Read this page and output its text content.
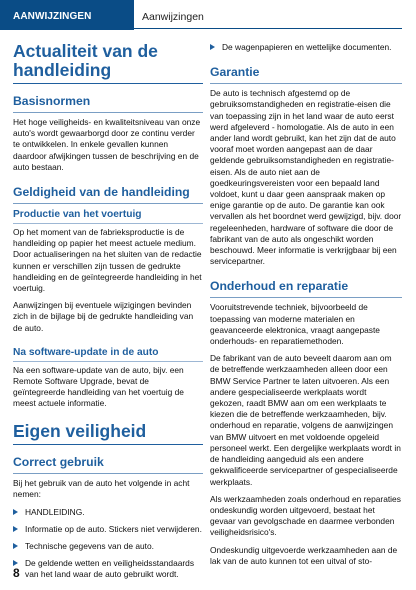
AANWIJZINGEN	Aanwijzingen
Actualiteit van de handleiding
Basisnormen

Het hoge veiligheids- en kwaliteitsniveau van onze auto's wordt gewaarborgd door ze continu verder te ontwikkelen. In enkele gevallen kunnen daardoor afwijkingen tussen de beschrijving en de auto bestaan.

Geldigheid van de handleiding
Productie van het voertuig

Op het moment van de fabrieksproductie is de handleiding op papier het meest actuele medium. Door actualiseringen na het sluiten van de redactie kunnen er verschillen zijn tussen de gedrukte handleiding en de geïntegreerde handleiding in het voertuig.

Aanwijzingen bij eventuele wijzigingen bevinden zich in de bijlage bij de gedrukte handleiding van de auto.

Na software-update in de auto

Na een software-update van de auto, bijv. een Remote Software Upgrade, bevat de geïntegreerde handleiding van het voertuig de meest actuele informatie.

Eigen veiligheid
Correct gebruik

Bij het gebruik van de auto het volgende in acht nemen:

HANDLEIDING.
Informatie op de auto. Stickers niet verwijderen.
Technische gegevens van de auto.
De geldende wetten en veiligheidsstandaards van het land waar de auto gebruikt wordt.
De wagenpapieren en wettelijke documenten.
Garantie

De auto is technisch afgestemd op de gebruiksomstandigheden en registratie-eisen die van toepassing zijn in het land waar de auto eerst werd afgeleverd - homologatie. Als de auto in een ander land wordt gebruikt, kan het zijn dat de auto vooraf moet worden aangepast aan de daar geldende gebruiksomstandigheden en registratie-eisen. Als de auto niet aan de goedkeuringsvereisten voor een bepaald land voldoet, kunt u daar geen aanspraak maken op enige garantie op de auto. De garantie kan ook vervallen als het boordnet werd gewijzigd, bijv. door regeleenheden, hardware of software die door de fabrikant van de auto als ongeschikt worden beschouwd. Meer informatie is verkrijgbaar bij een servicepartner.

Onderhoud en reparatie

Vooruitstrevende techniek, bijvoorbeeld de toepassing van moderne materialen en geavanceerde elektronica, vraagt aangepaste onderhouds- en reparatiemethoden.

De fabrikant van de auto beveelt daarom aan om de betreffende werkzaamheden alleen door een BMW Service Partner te laten uitvoeren. Als een andere gespecialiseerde werkplaats wordt gekozen, raadt BMW aan om een werkplaats te kiezen die de betreffende werkzaamheden, bijv. onderhoud en reparatie, volgens de aanwijzingen van BMW uitvoert en met voldoende opgeleid personeel werkt. Een dergelijke werkplaats wordt in de handleiding aangeduid als een andere gekwalificeerde servicepartner of gespecialiseerde werkplaats.

Als werkzaamheden zoals onderhoud en reparaties ondeskundig worden uitgevoerd, bestaat het gevaar van gevolgschade en daarmee verbonden veiligheidsrisico's.

Ondeskundig uitgevoerde werkzaamheden aan de lak van de auto kunnen tot een uitval of sto-

8
